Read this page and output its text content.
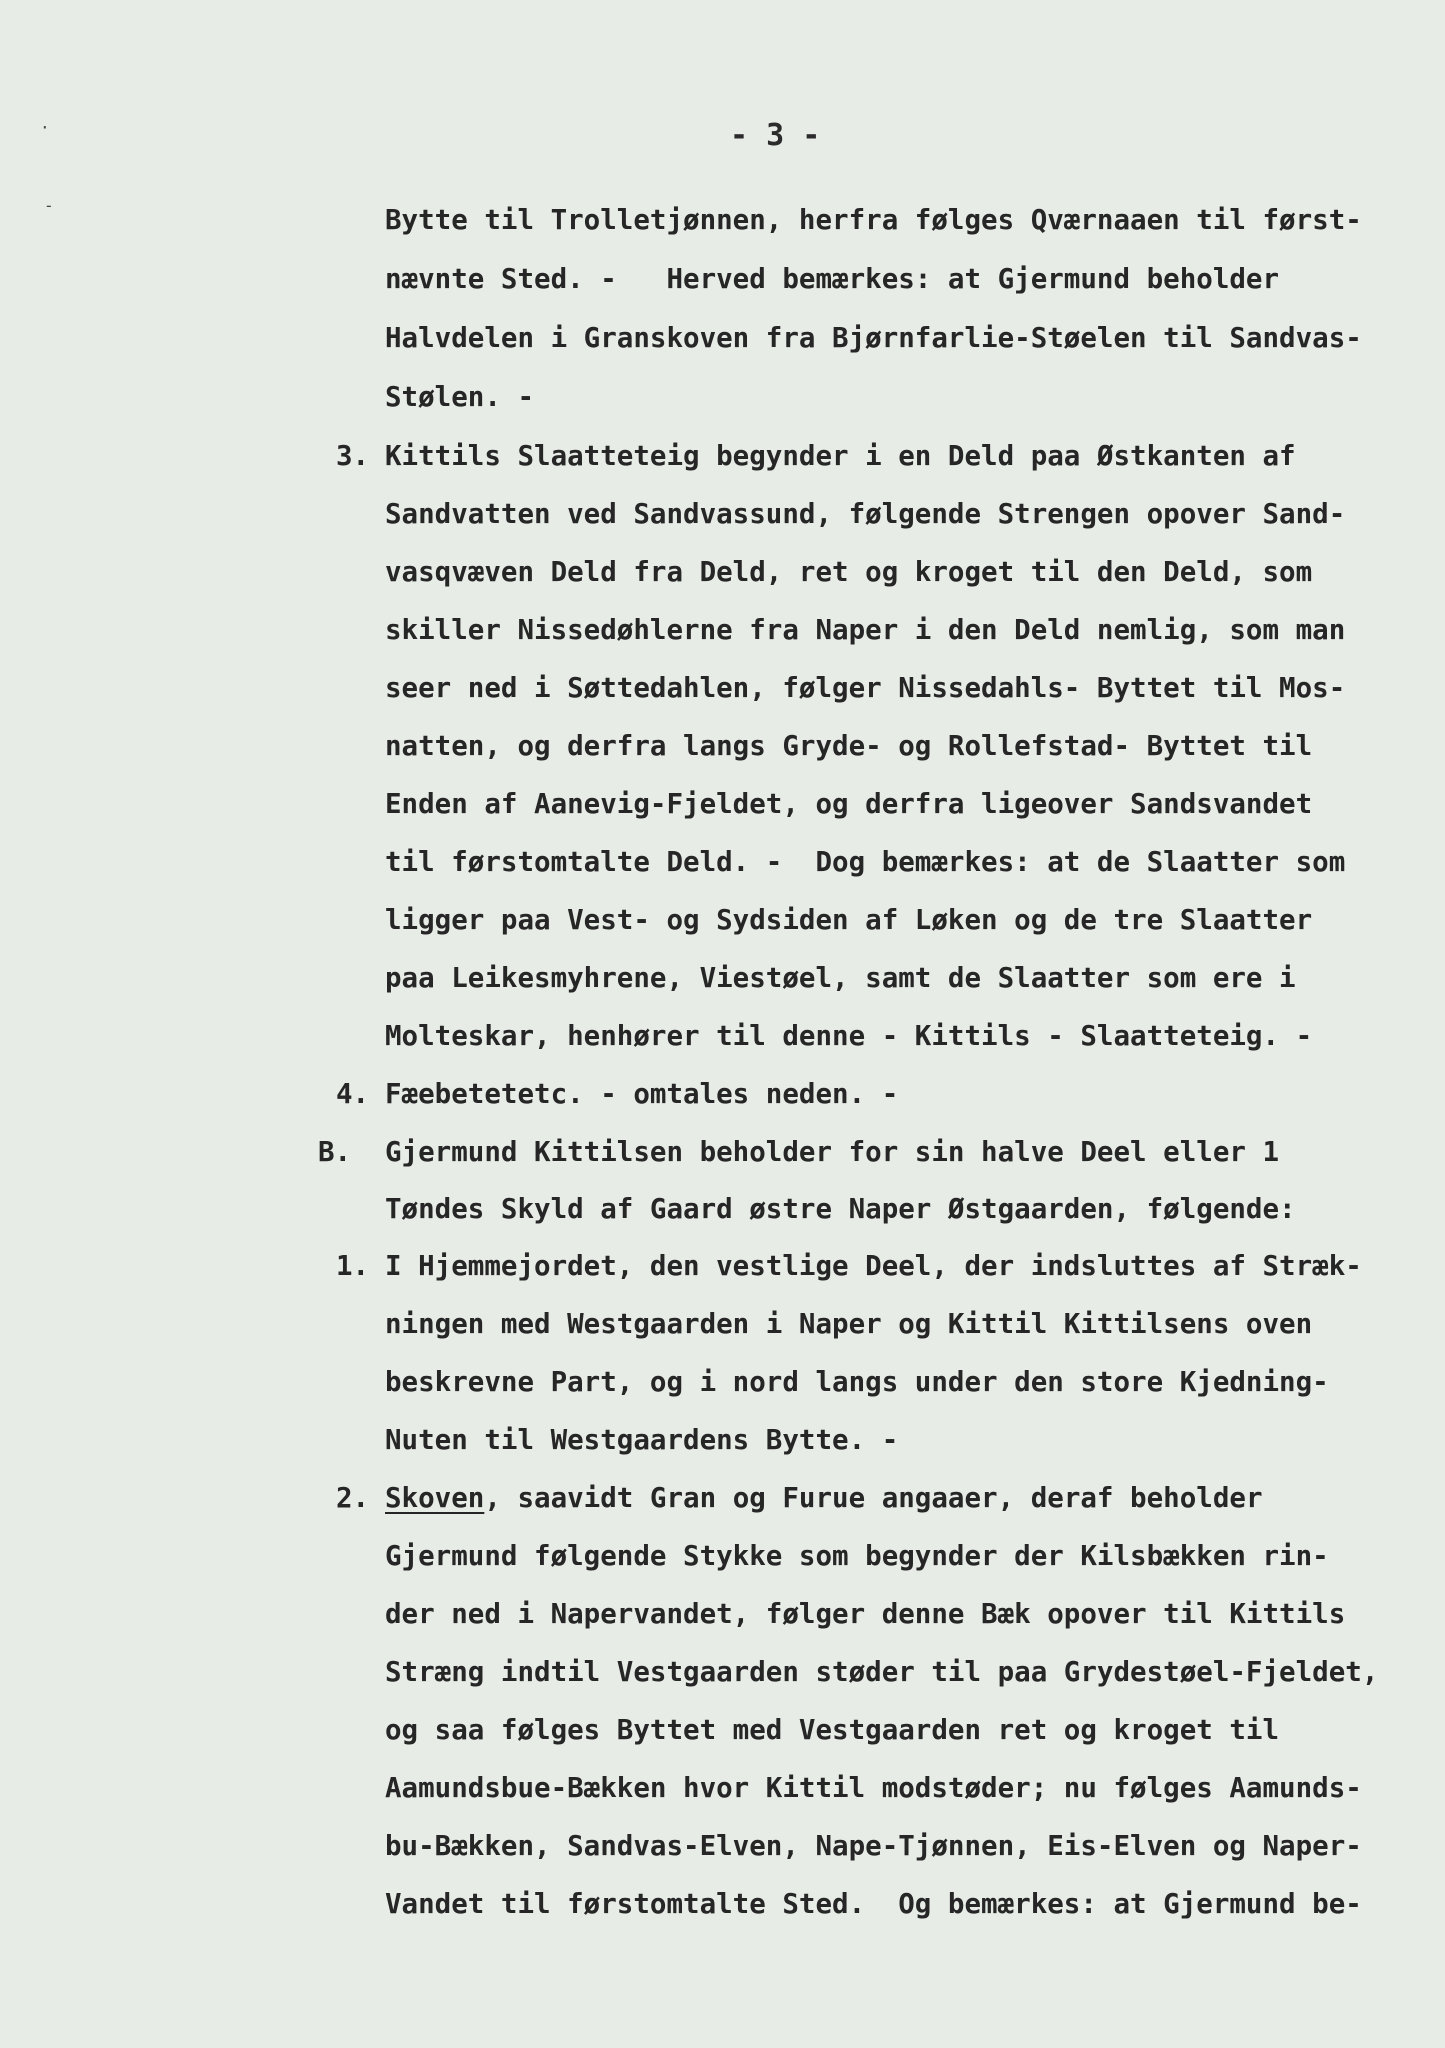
·
-
- 3 -
Bytte til Trolletjønnen, herfra følges Qværnaaen til først-
nævnte Sted. -   Herved bemærkes: at Gjermund beholder
Halvdelen i Granskoven fra Bjørnfarlie-Støelen til Sandvas-
Stølen. -
3. Kittils Slaatteteig begynder i en Deld paa Østkanten af
Sandvatten ved Sandvassund, følgende Strengen opover Sand-
vasqvæven Deld fra Deld, ret og kroget til den Deld, som
skiller Nissedøhlerne fra Naper i den Deld nemlig, som man
seer ned i Søttedahlen, følger Nissedahls- Byttet til Mos-
natten, og derfra langs Gryde- og Rollefstad- Byttet til
Enden af Aanevig-Fjeldet, og derfra ligeover Sandsvandet
til førstomtalte Deld. -  Dog bemærkes: at de Slaatter som
ligger paa Vest- og Sydsiden af Løken og de tre Slaatter
paa Leikesmyhrene, Viestøel, samt de Slaatter som ere i
Molteskar, henhører til denne - Kittils - Slaatteteig. -
4. Fæebetetetc. - omtales neden. -
B. Gjermund Kittilsen beholder for sin halve Deel eller 1
Tøndes Skyld af Gaard østre Naper Østgaarden, følgende:
1. I Hjemmejordet, den vestlige Deel, der indsluttes af Stræk-
ningen med Westgaarden i Naper og Kittil Kittilsens oven
beskrevne Part, og i nord langs under den store Kjedning-
Nuten til Westgaardens Bytte. -
2. Skoven, saavidt Gran og Furue angaaer, deraf beholder
Gjermund følgende Stykke som begynder der Kilsbækken rin-
der ned i Napervandet, følger denne Bæk opover til Kittils
Stræng indtil Vestgaarden støder til paa Grydestøel-Fjeldet,
og saa følges Byttet med Vestgaarden ret og kroget til
Aamundsbue-Bækken hvor Kittil modstøder; nu følges Aamunds-
bu-Bækken, Sandvas-Elven, Nape-Tjønnen, Eis-Elven og Naper-
Vandet til førstomtalte Sted.  Og bemærkes: at Gjermund be-
